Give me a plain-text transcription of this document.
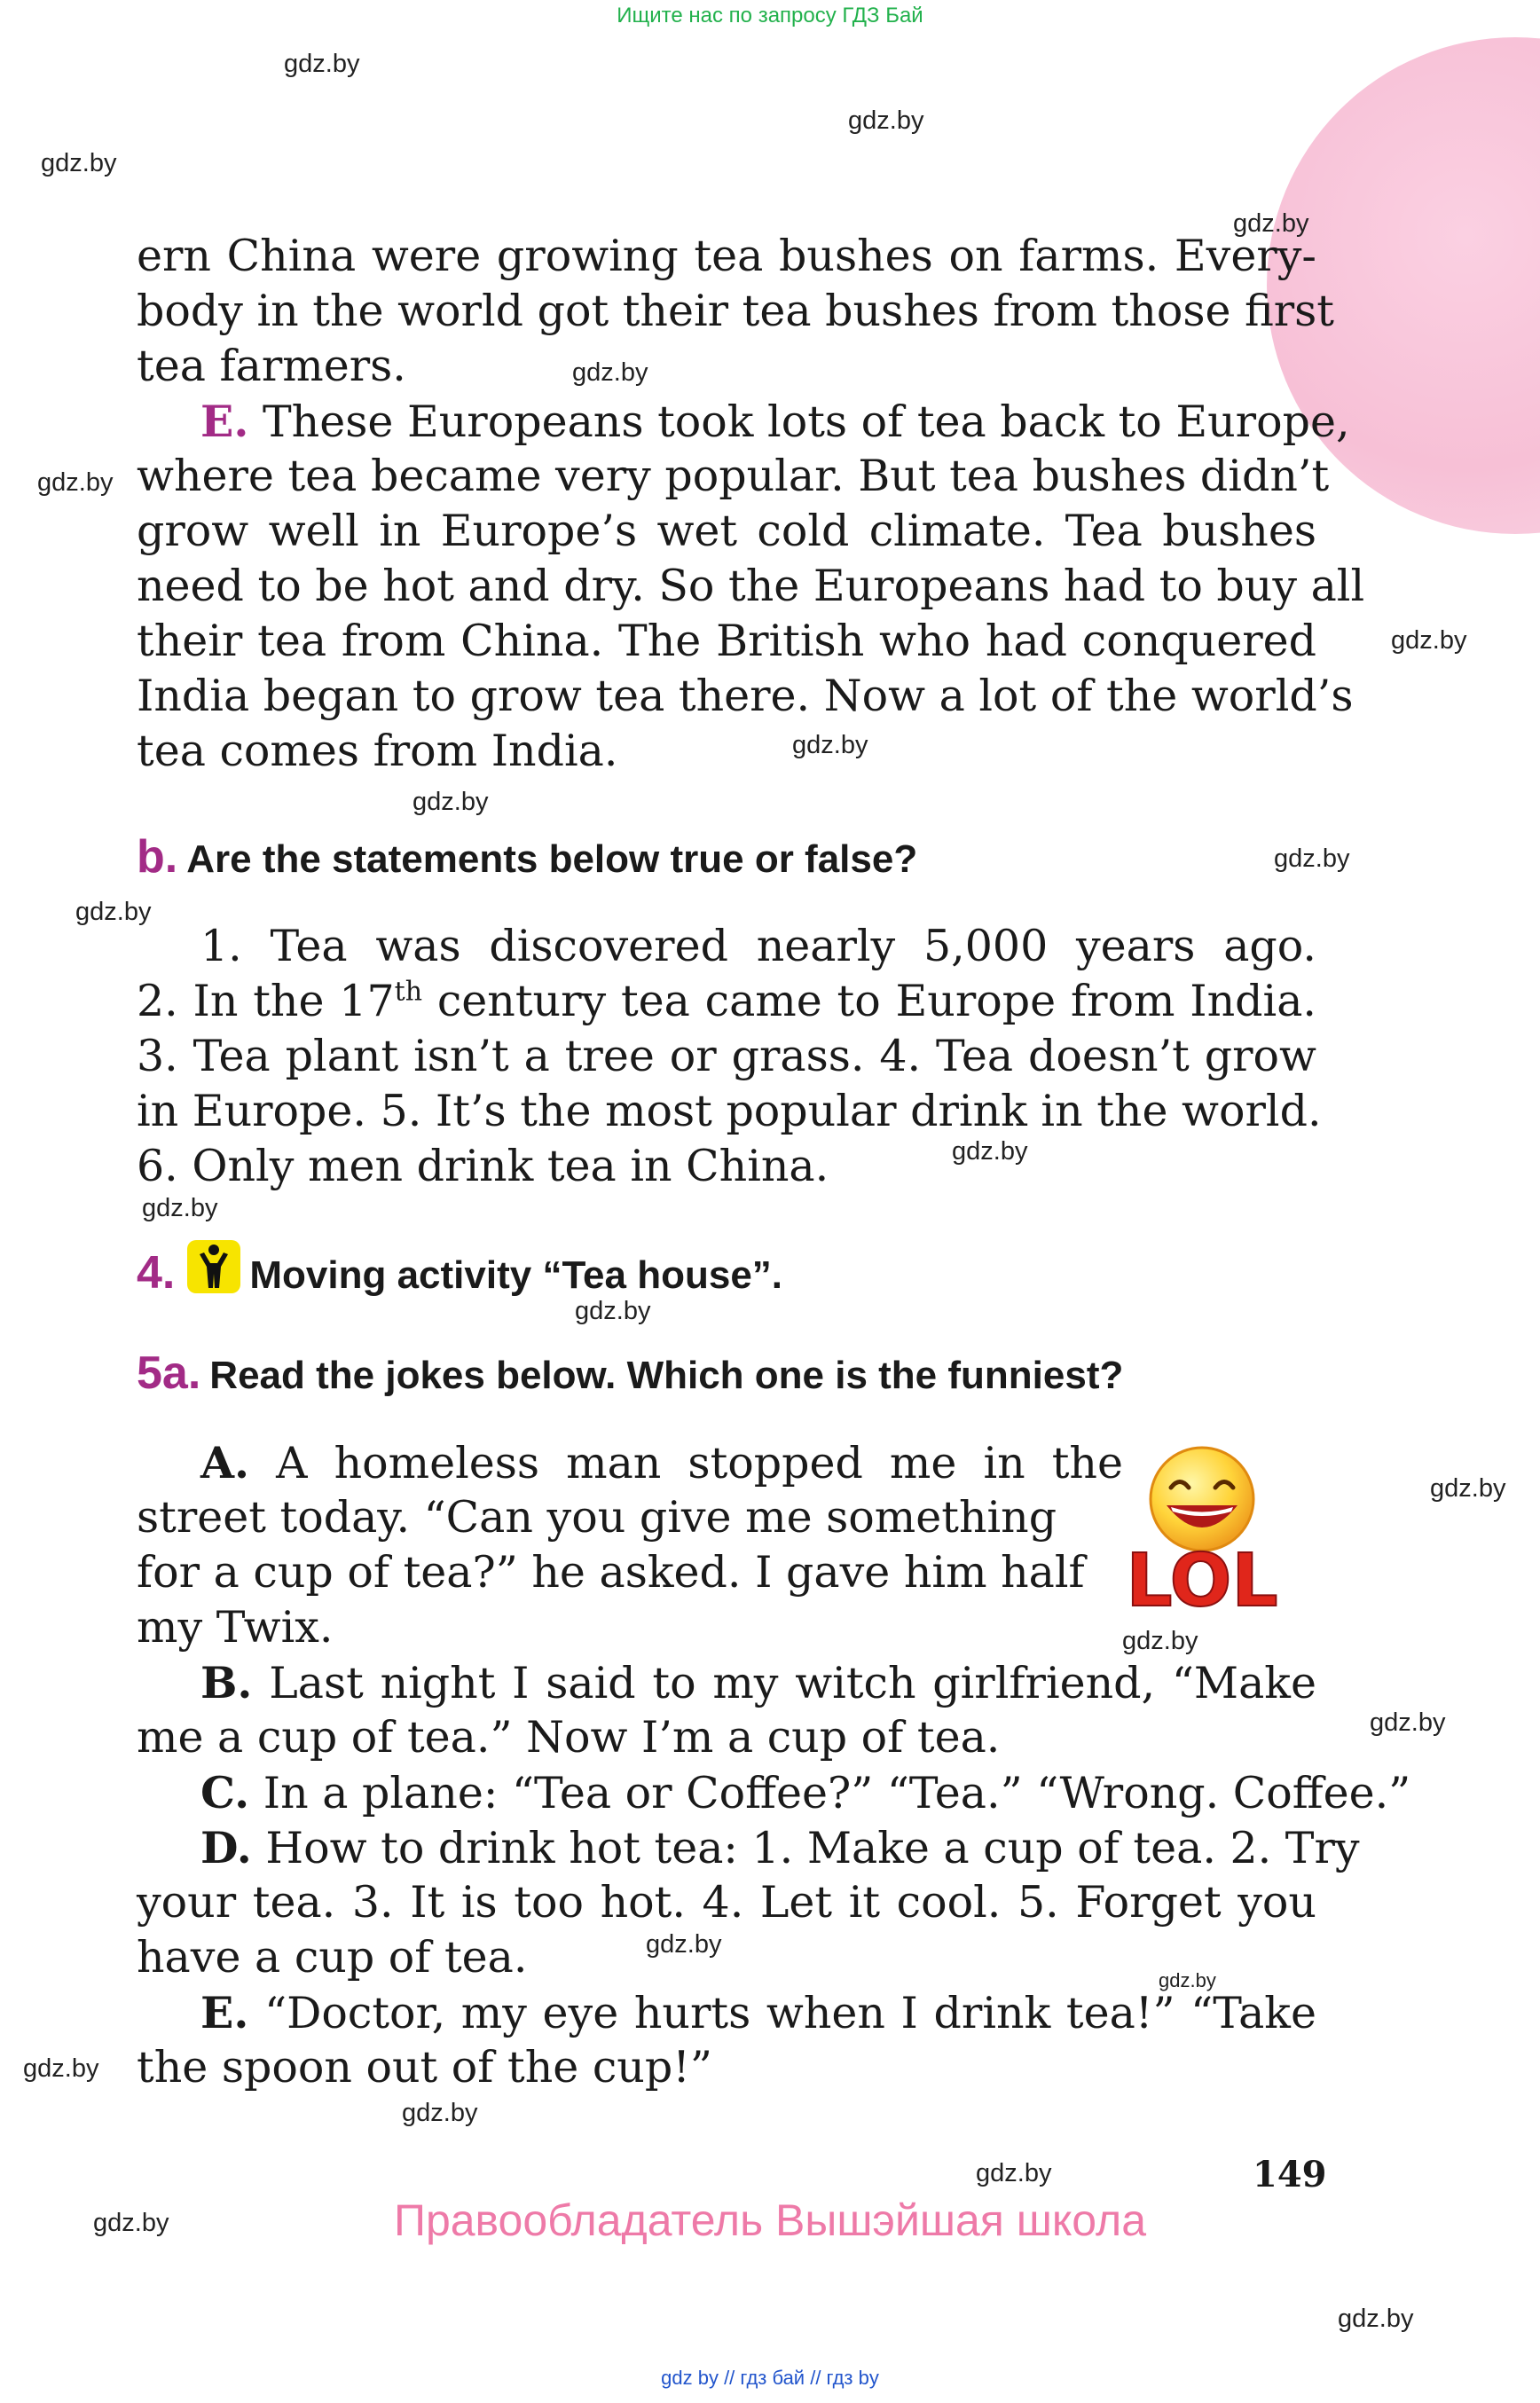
Ищите нас по запросу ГДЗ Бай
gdz.by
gdz.by
gdz.by
gdz.by
gdz.by
gdz.by
gdz.by
gdz.by
gdz.by
gdz.by
gdz.by
gdz.by
gdz.by
gdz.by
gdz.by
gdz.by
gdz.by
gdz.by
gdz.by
gdz.by
gdz.by
gdz.by
gdz.by
gdz.by
ern China were growing tea bushes on farms. Every-
body in the world got their tea bushes from those first
tea farmers.
E. These Europeans took lots of tea back to Europe,
where tea became very popular. But tea bushes didn’t
grow well in Europe’s wet cold climate. Tea bushes
need to be hot and dry. So the Europeans had to buy all
their tea from China. The British who had conquered
India began to grow tea there. Now a lot of the world’s
tea comes from India.
b. Are the statements below true or false?
1. Tea was discovered nearly 5,000 years ago.
2. In the 17th century tea came to Europe from India.
3. Tea plant isn’t a tree or grass. 4. Tea doesn’t grow
in Europe. 5. It’s the most popular drink in the world.
6. Only men drink tea in China.
4. Moving activity “Tea house”.
5a. Read the jokes below. Which one is the funniest?
LOL
A. A homeless man stopped me in the
street today. “Can you give me something
for a cup of tea?” he asked. I gave him half
my Twix.
B. Last night I said to my witch girlfriend, “Make
me a cup of tea.” Now I’m a cup of tea.
C. In a plane: “Tea or Coffee?” “Tea.” “Wrong. Coffee.”
D. How to drink hot tea: 1. Make a cup of tea. 2. Try
your tea. 3. It is too hot. 4. Let it cool. 5. Forget you
have a cup of tea.
E. “Doctor, my eye hurts when I drink tea!” “Take
the spoon out of the cup!”
149
Правообладатель Вышэйшая школа
gdz by // гдз бай // гдз by
